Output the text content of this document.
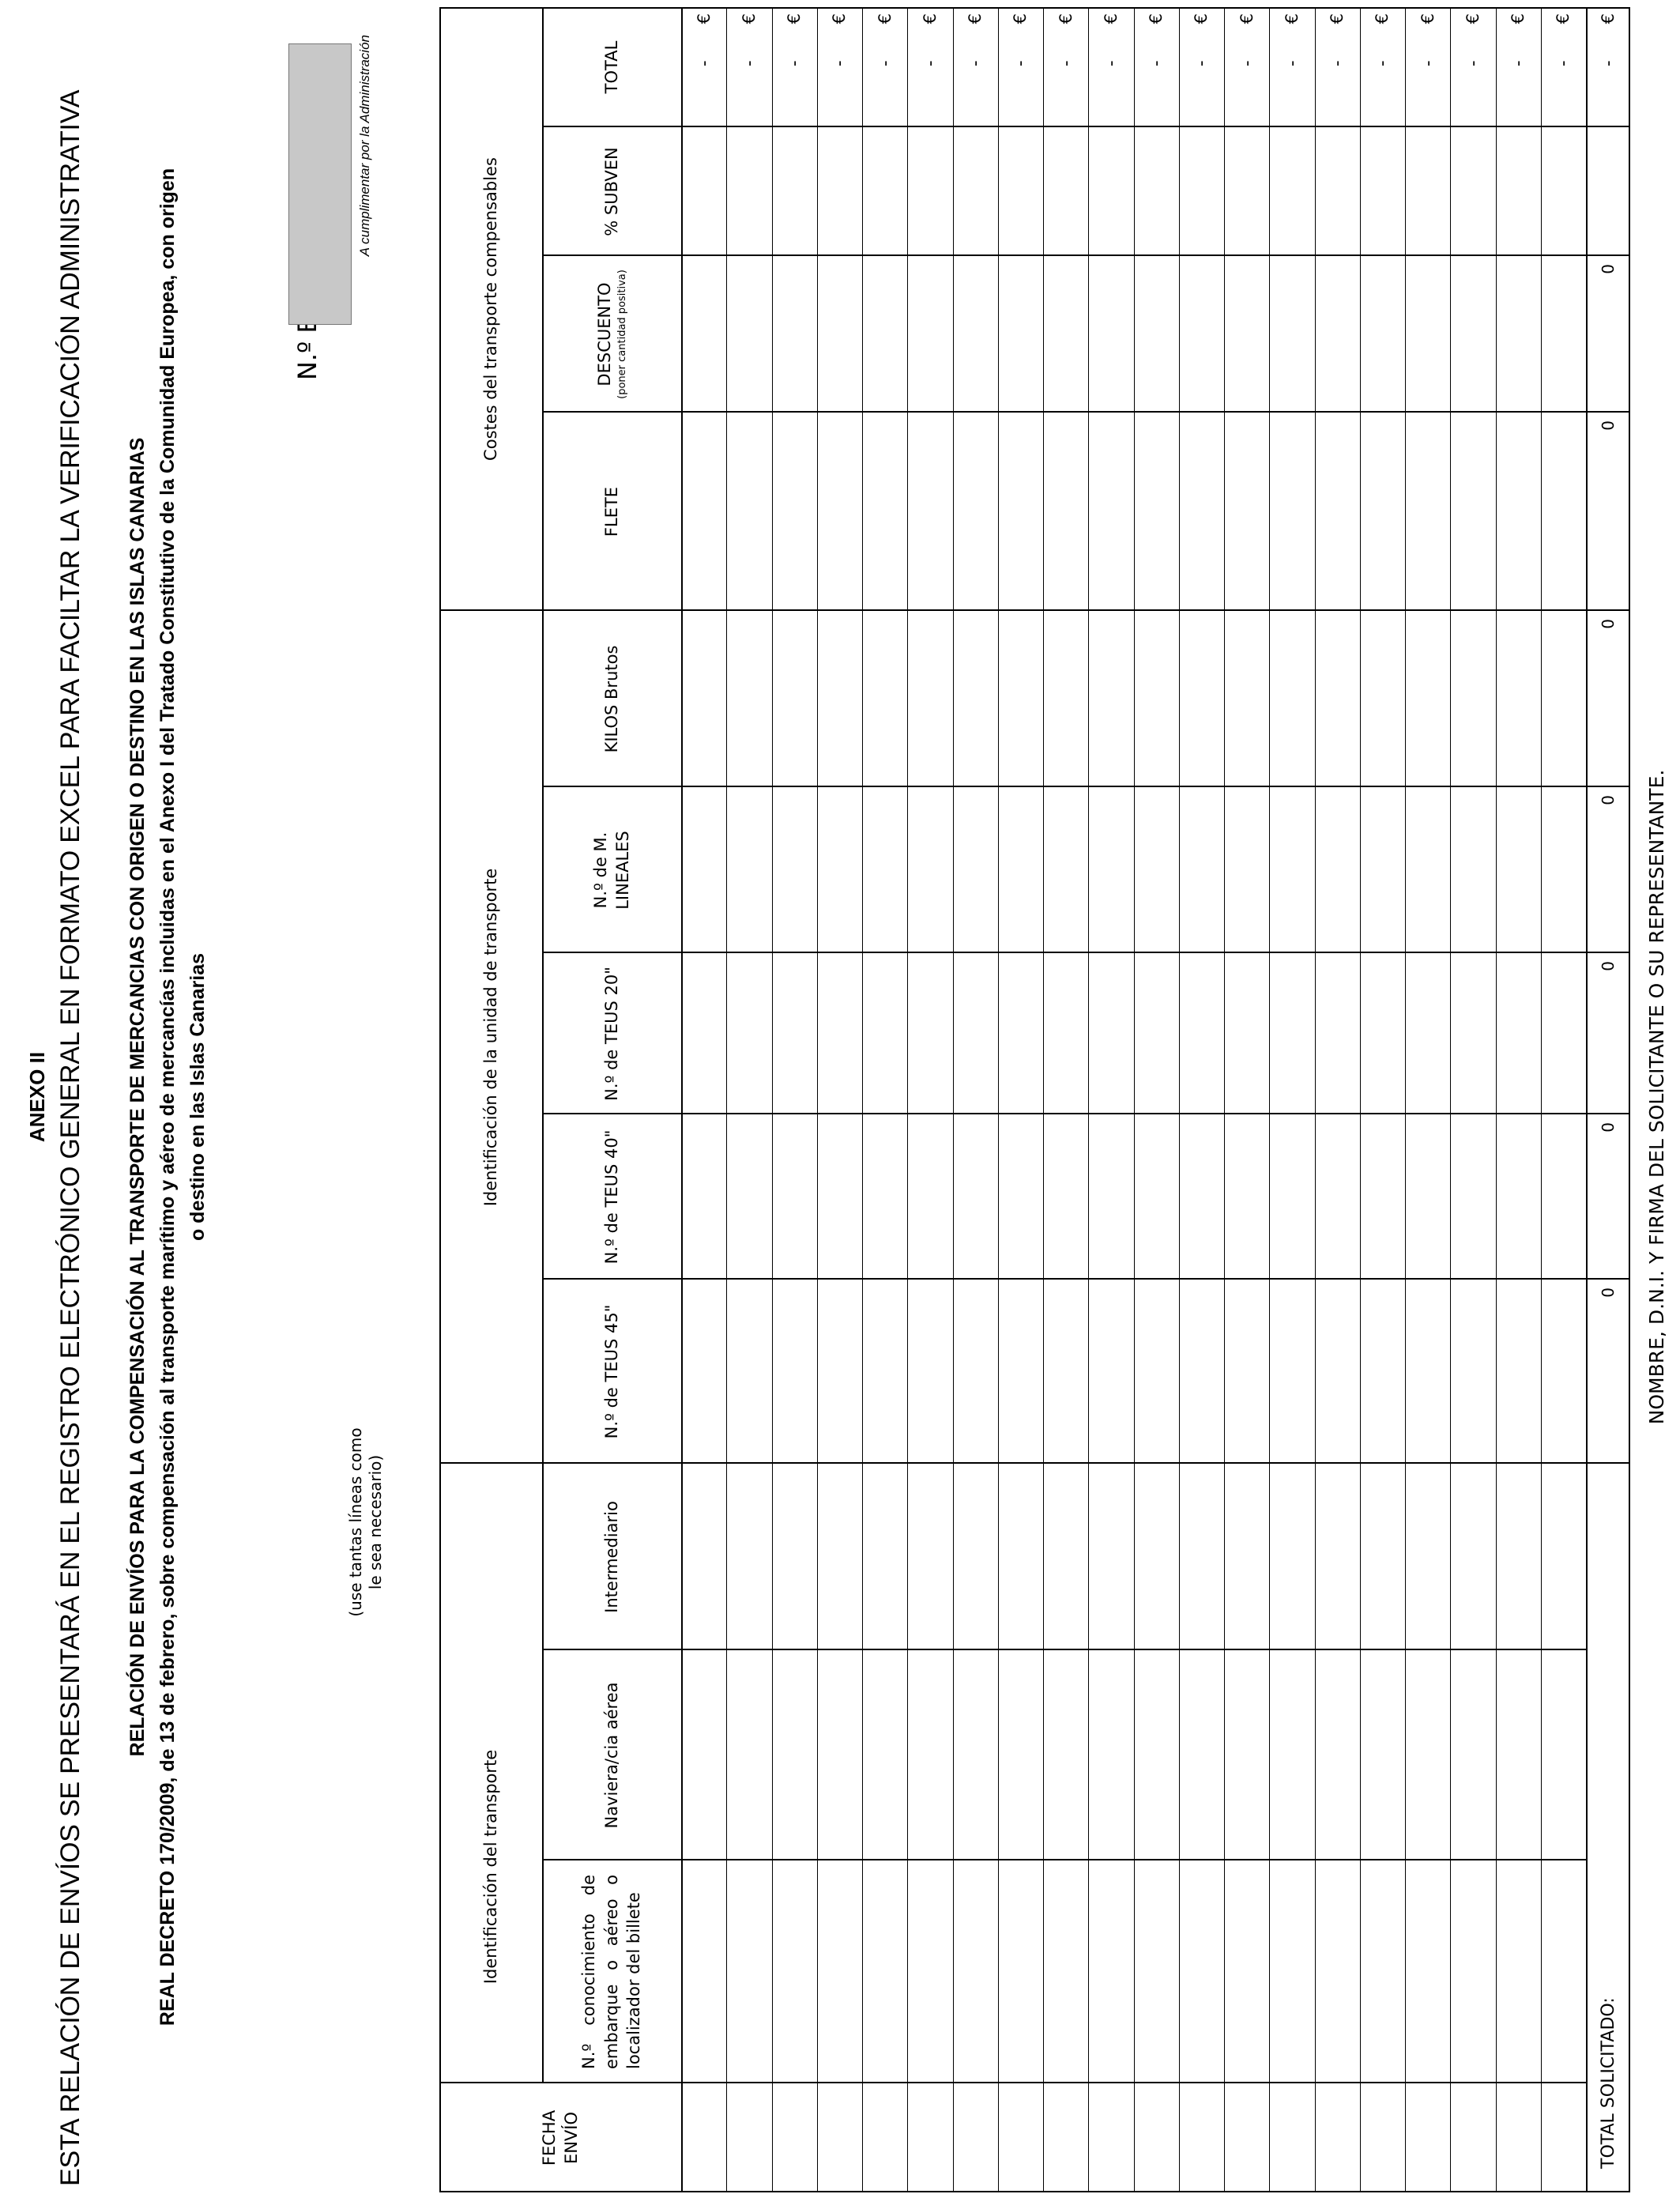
ANEXO II ESTA RELACIÓN DE ENVÍOS SE PRESENTARÁ EN EL REGISTRO ELECTRÓNICO GENERAL EN FORMATO EXCEL PARA FACILTAR LA VERIFICACIÓN ADMINISTRATIVA RELACIÓN DE ENVÍOS PARA LA COMPENSACIÓN AL TRANSPORTE DE MERCANCIAS CON ORIGEN O DESTINO EN LAS ISLAS CANARIAS REAL DECRETO 170/2009, de 13 de febrero, sobre compensación al transporte marítimo y aéreo de mercancías incluidas en el Anexo I del Tratado Constitutivo de la Comunidad Europea, con origen o destino en las Islas Canarias
(use tantas líneas como le sea necesario)
A cumplimentar por la Administración
Identificación del transporte
Identificación de la unidad de transporte
Costes del transporte compensables
FECHA ENVÍO
N.º conocimiento de embarque o aéreo o localizador del billete
Naviera/cia aérea
Intermediario
N.º de TEUS 45"
N.º de TEUS 40"
N.º de TEUS 20"
N.º de M. LINEALES
KILOS Brutos
FLETE
DESCUENTO (poner cantidad positiva)
% SUBVEN
TOTAL	-
€
-
€
-
€
-
€
-
€
-
€
-
€
-
€
-
€
-
€
-
€
-
€
-
€
-
€
-
€
-
€
-
€
-
€
-
€
-
€
TOTAL SOLICITADO:
0
0
0
0
0
0
0
-
€
NOMBRE, D.N.I. Y FIRMA DEL SOLICITANTE O SU REPRESENTANTE.
